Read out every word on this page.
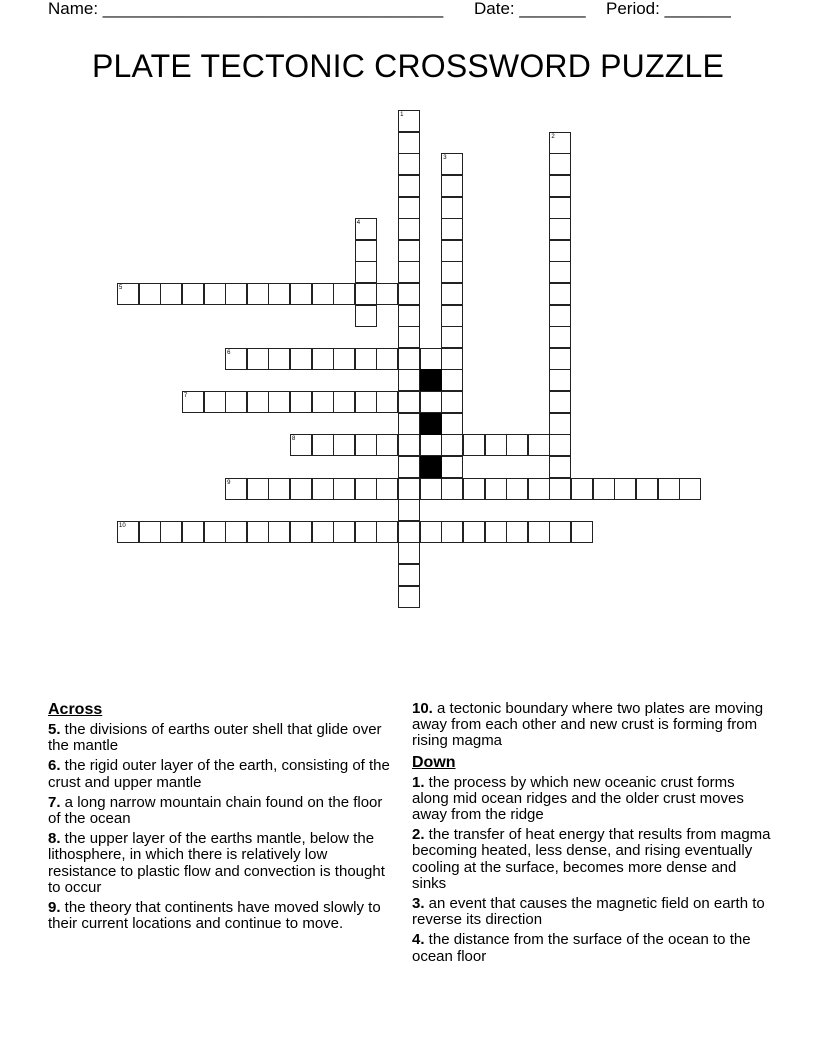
Name: ____________________________________ Date: _______ Period: _______
PLATE TECTONIC CROSSWORD PUZZLE
1
2
3
4
5
6
7
8
9
10
Across
5. the divisions of earths outer shell that glide over the mantle
6. the rigid outer layer of the earth, consisting of the crust and upper mantle
7. a long narrow mountain chain found on the floor of the ocean
8. the upper layer of the earths mantle, below the lithosphere, in which there is relatively low resistance to plastic flow and convection is thought to occur
9. the theory that continents have moved slowly to their current locations and continue to move.
10. a tectonic boundary where two plates are moving away from each other and new crust is forming from rising magma
Down
1. the process by which new oceanic crust forms along mid ocean ridges and the older crust moves away from the ridge
2. the transfer of heat energy that results from magma becoming heated, less dense, and rising eventually cooling at the surface, becomes more dense and sinks
3. an event that causes the magnetic field on earth to reverse its direction
4. the distance from the surface of the ocean to the ocean floor
